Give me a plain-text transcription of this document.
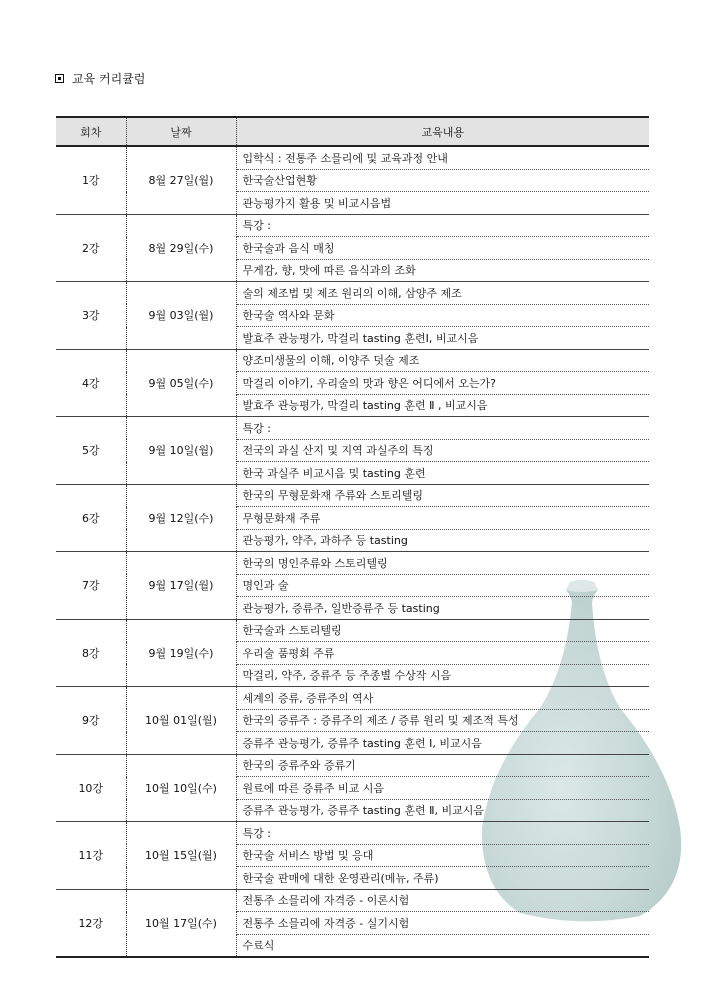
교육 커리큘럼
회차	날짜	교육내용
1강	8월 27일(월)	입학식 : 전통주 소믈리에 및 교육과정 안내
		한국술산업현황
		관능평가지 활용 및 비교시음법
2강	8월 29일(수)	특강 :
		한국술과 음식 매칭
		무게감, 향, 맛에 따른 음식과의 조화
3강	9월 03일(월)	술의 제조법 및 제조 원리의 이해, 삼양주 제조
		한국술 역사와 문화
		발효주 관능평가, 막걸리 tasting 훈련Ⅰ, 비교시음
4강	9월 05일(수)	양조미생물의 이해, 이양주 덧술 제조
		막걸리 이야기, 우리술의 맛과 향은 어디에서 오는가?
		발효주 관능평가, 막걸리 tasting 훈련 Ⅱ , 비교시음
5강	9월 10일(월)	특강 :
		전국의 과실 산지 및 지역 과실주의 특징
		한국 과실주 비교시음 및 tasting 훈련
6강	9월 12일(수)	한국의 무형문화재 주류와 스토리텔링
		무형문화재 주류
		관능평가, 약주, 과하주 등 tasting
7강	9월 17일(월)	한국의 명인주류와 스토리텔링
		명인과 술
		관능평가, 증류주, 일반증류주 등 tasting
8강	9월 19일(수)	한국술과 스토리텔링
		우리술 품평회 주류
		막걸리, 약주, 증류주 등 주종별 수상작 시음
9강	10월 01일(월)	세계의 증류, 증류주의 역사
		한국의 증류주 : 증류주의 제조 / 증류 원리 및 제조적 특성
		증류주 관능평가, 증류주 tasting 훈련 Ⅰ, 비교시음
10강	10월 10일(수)	한국의 증류주와 증류기
		원료에 따른 증류주 비교 시음
		증류주 관능평가, 증류주 tasting 훈련 Ⅱ, 비교시음
11강	10월 15일(월)	특강 :
		한국술 서비스 방법 및 응대
		한국술 판매에 대한 운영관리(메뉴, 주류)
12강	10월 17일(수)	전통주 소믈리에 자격증 - 이론시험
		전통주 소믈리에 자격증 - 실기시험
		수료식
